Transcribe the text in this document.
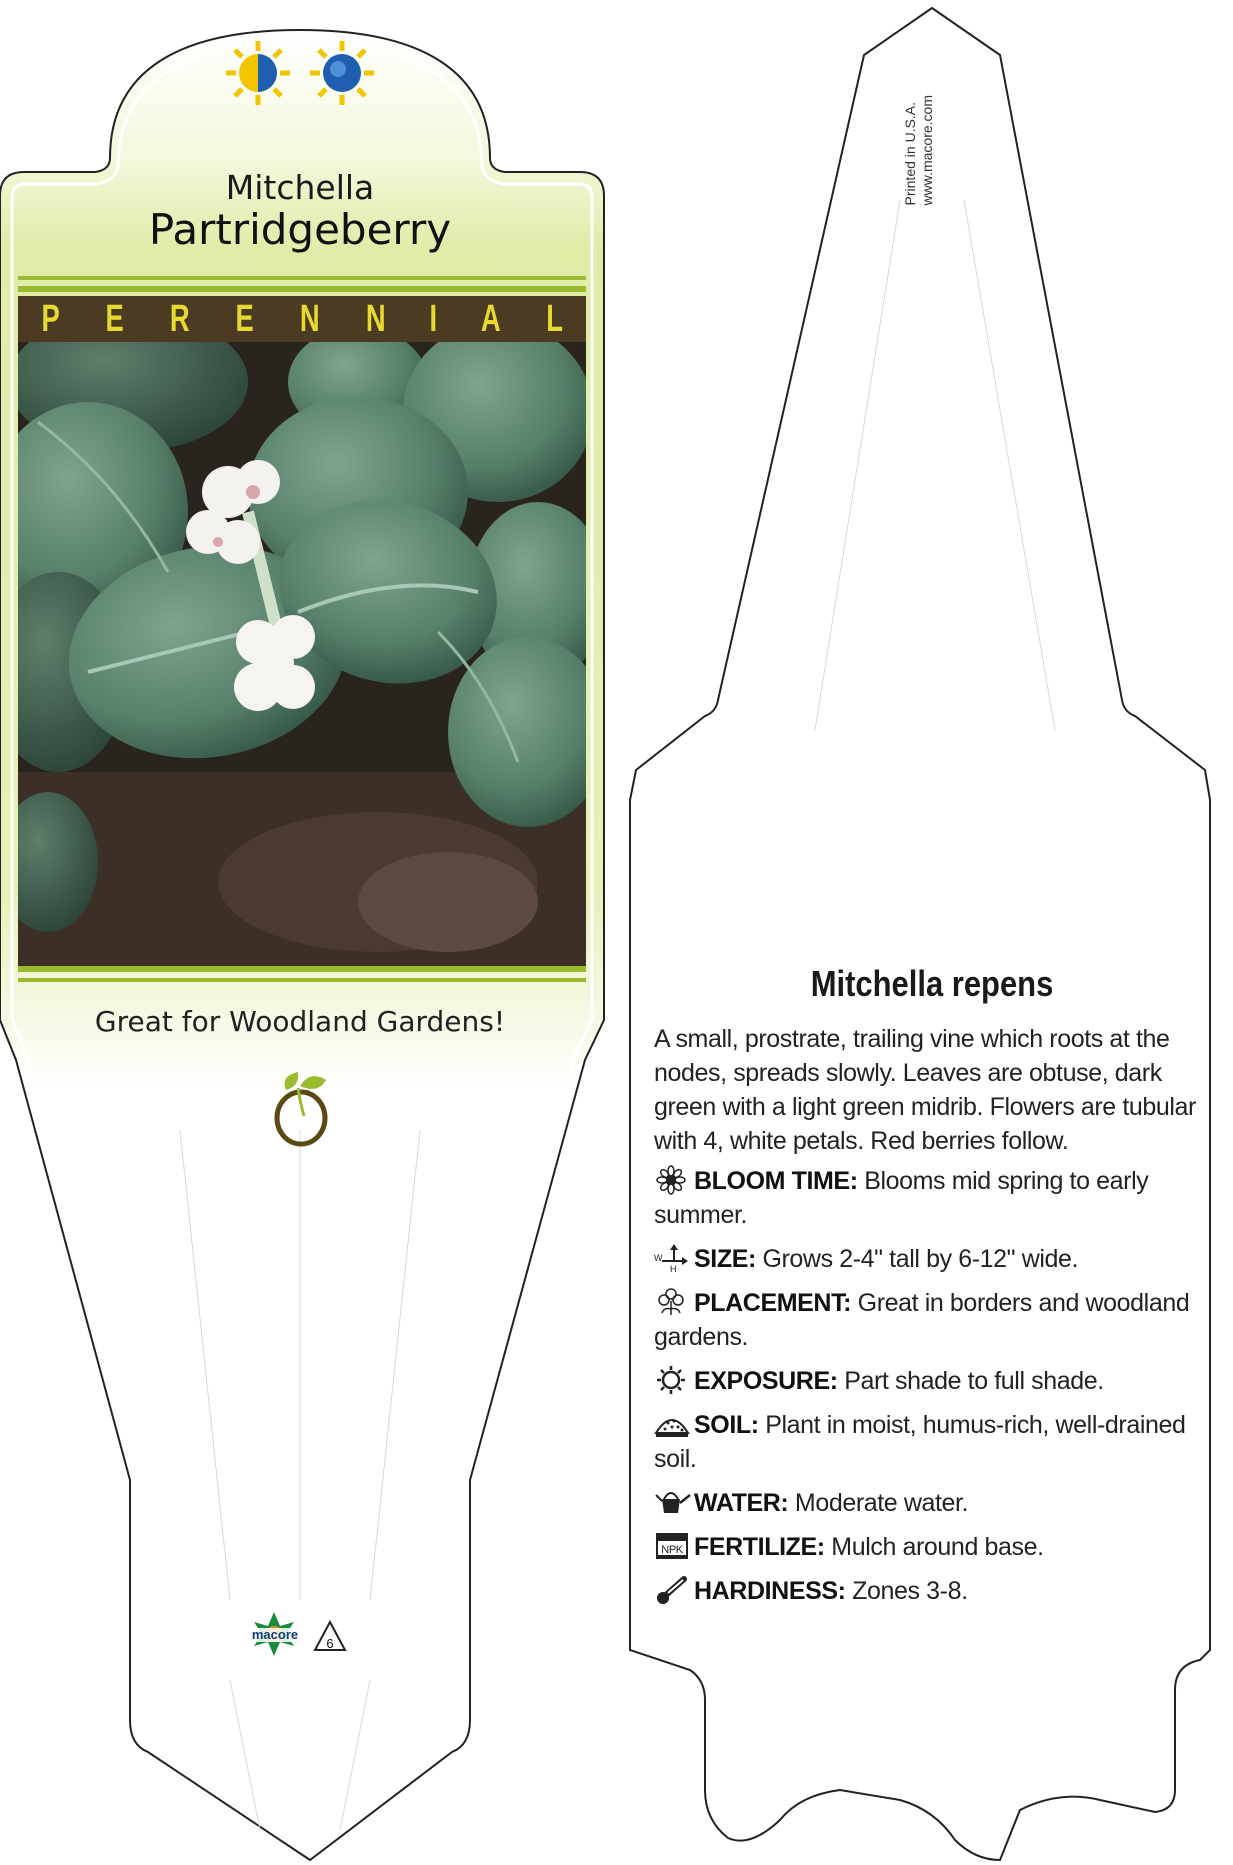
Mitchella
Partridgeberry
P E R E N N I A L
Great for Woodland Gardens!
macore
6
Printed in U.S.A. www.macore.com
Mitchella repens

A small, prostrate, trailing vine which roots at the nodes, spreads slowly. Leaves are obtuse, dark green with a light green midrib. Flowers are tubular with 4, white petals. Red berries follow.

BLOOM TIME: Blooms mid spring to early summer.

W
H SIZE: Grows 2-4" tall by 6-12" wide.

PLACEMENT: Great in borders and woodland gardens.

EXPOSURE: Part shade to full shade.

SOIL: Plant in moist, humus-rich, well-drained soil.

WATER: Moderate water.

NPK FERTILIZE: Mulch around base.

HARDINESS: Zones 3-8.
